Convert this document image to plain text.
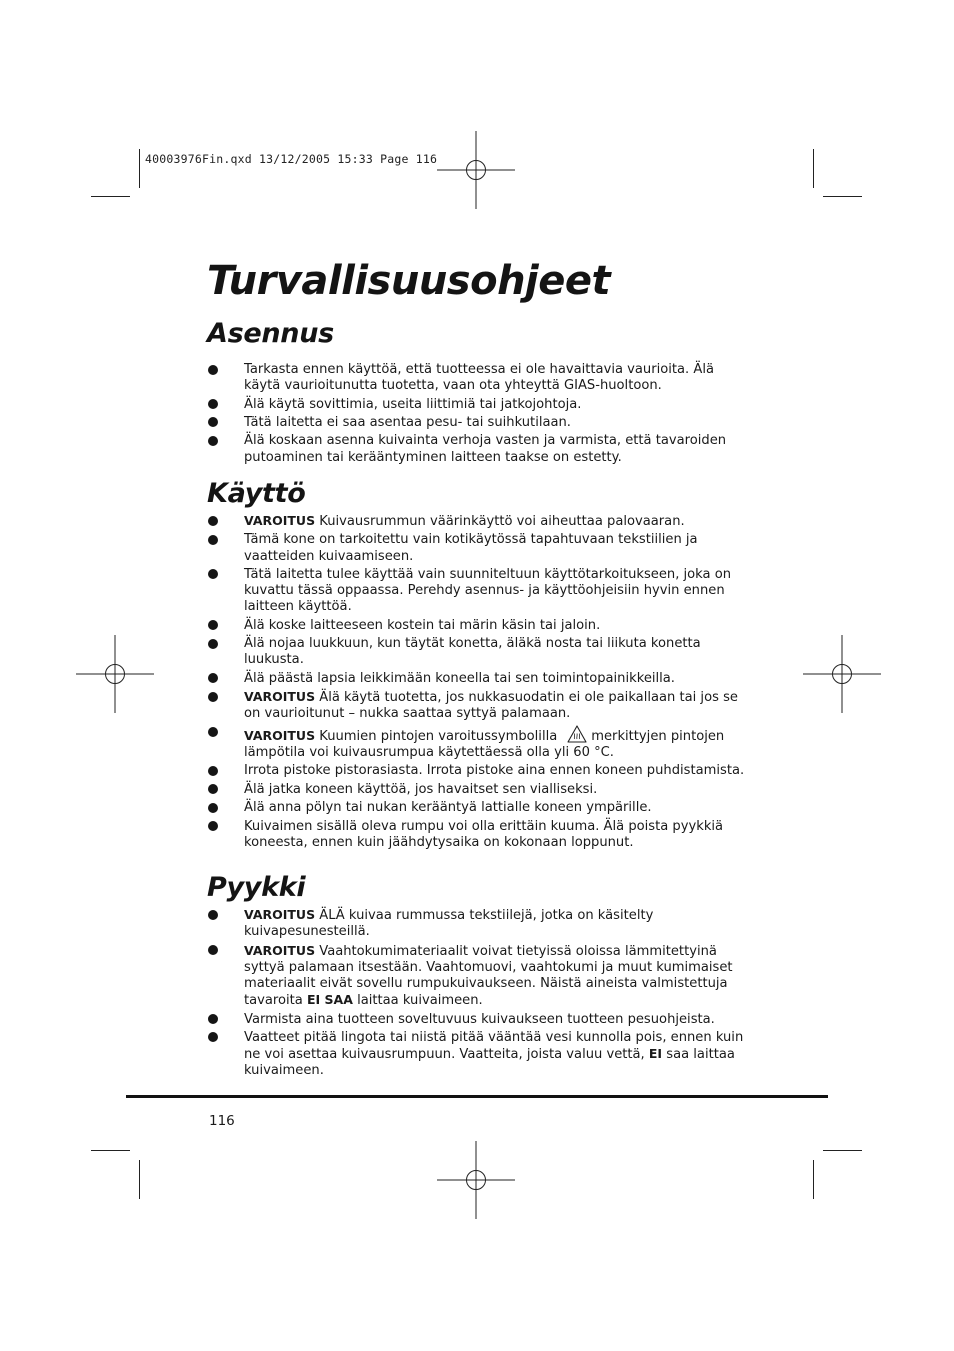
40003976Fin.qxd 13/12/2005 15:33 Page 116
Turvallisuusohjeet
Asennus
Tarkasta ennen käyttöä, että tuotteessa ei ole havaittavia vaurioita. Älä käytä vaurioitunutta tuotetta, vaan ota yhteyttä GIAS-huoltoon.
Älä käytä sovittimia, useita liittimiä tai jatkojohtoja.
Tätä laitetta ei saa asentaa pesu- tai suihkutilaan.
Älä koskaan asenna kuivainta verhoja vasten ja varmista, että tavaroiden putoaminen tai kerääntyminen laitteen taakse on estetty.
Käyttö
VAROITUS Kuivausrummun väärinkäyttö voi aiheuttaa palovaaran.
Tämä kone on tarkoitettu vain kotikäytössä tapahtuvaan tekstiilien ja vaatteiden kuivaamiseen.
Tätä laitetta tulee käyttää vain suunniteltuun käyttötarkoitukseen, joka on kuvattu tässä oppaassa. Perehdy asennus- ja käyttöohjeisiin hyvin ennen laitteen käyttöä.
Älä koske laitteeseen kostein tai märin käsin tai jaloin.
Älä nojaa luukkuun, kun täytät konetta, äläkä nosta tai liikuta konetta luukusta.
Älä päästä lapsia leikkimään koneella tai sen toimintopainikkeilla.
VAROITUS Älä käytä tuotetta, jos nukkasuodatin ei ole paikallaan tai jos se on vaurioitunut – nukka saattaa syttyä palamaan.
VAROITUS Kuumien pintojen varoitussymbolilla	merkittyjen pintojen lämpötila voi kuivausrumpua käytettäessä olla yli 60 °C.
Irrota pistoke pistorasiasta. Irrota pistoke aina ennen koneen puhdistamista.
Älä jatka koneen käyttöä, jos havaitset sen vialliseksi.
Älä anna pölyn tai nukan kerääntyä lattialle koneen ympärille.
Kuivaimen sisällä oleva rumpu voi olla erittäin kuuma. Älä poista pyykkiä koneesta, ennen kuin jäähdytysaika on kokonaan loppunut.
Pyykki
VAROITUS ÄLÄ kuivaa rummussa tekstiilejä, jotka on käsitelty kuivapesunesteillä.
VAROITUS Vaahtokumimateriaalit voivat tietyissä oloissa lämmitettyinä syttyä palamaan itsestään. Vaahtomuovi, vaahtokumi ja muut kumimaiset materiaalit eivät sovellu rumpukuivaukseen. Näistä aineista valmistettuja tavaroita EI SAA laittaa kuivaimeen.
Varmista aina tuotteen soveltuvuus kuivaukseen tuotteen pesuohjeista.
Vaatteet pitää lingota tai niistä pitää vääntää vesi kunnolla pois, ennen kuin ne voi asettaa kuivausrumpuun. Vaatteita, joista valuu vettä, EI saa laittaa kuivaimeen.
116
